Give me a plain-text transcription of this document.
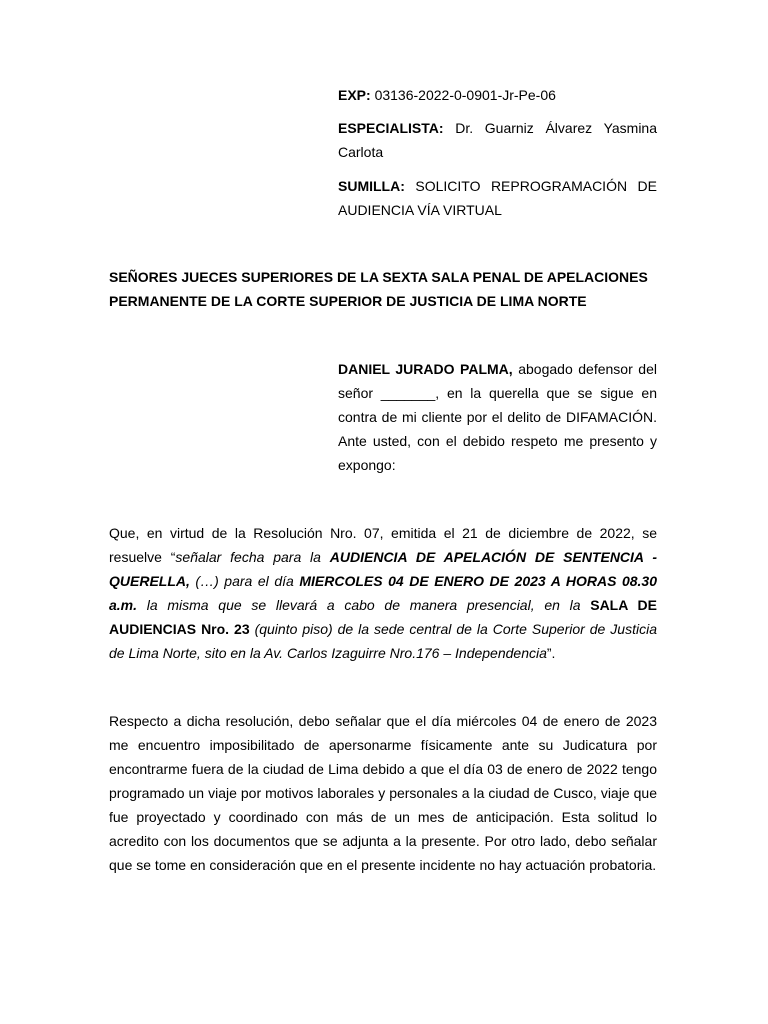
EXP: 03136-2022-0-0901-Jr-Pe-06

ESPECIALISTA: Dr. Guarniz Álvarez Yasmina Carlota

SUMILLA: SOLICITO REPROGRAMACIÓN DE AUDIENCIA VÍA VIRTUAL

SEÑORES JUECES SUPERIORES DE LA SEXTA SALA PENAL DE APELACIONES
PERMANENTE DE LA CORTE SUPERIOR DE JUSTICIA DE LIMA NORTE

DANIEL JURADO PALMA, abogado defensor del señor _______, en la querella que se sigue en contra de mi cliente por el delito de DIFAMACIÓN. Ante usted, con el debido respeto me presento y expongo:

Que, en virtud de la Resolución Nro. 07, emitida el 21 de diciembre de 2022, se resuelve “señalar fecha para la AUDIENCIA DE APELACIÓN DE SENTENCIA -QUERELLA, (…) para el día MIERCOLES 04 DE ENERO DE 2023 A HORAS 08.30 a.m. la misma que se llevará a cabo de manera presencial, en la SALA DE AUDIENCIAS Nro. 23 (quinto piso) de la sede central de la Corte Superior de Justicia de Lima Norte, sito en la Av. Carlos Izaguirre Nro.176 – Independencia”.

Respecto a dicha resolución, debo señalar que el día miércoles 04 de enero de 2023 me encuentro imposibilitado de apersonarme físicamente ante su Judicatura por encontrarme fuera de la ciudad de Lima debido a que el día 03 de enero de 2022 tengo programado un viaje por motivos laborales y personales a la ciudad de Cusco, viaje que fue proyectado y coordinado con más de un mes de anticipación. Esta solitud lo acredito con los documentos que se adjunta a la presente. Por otro lado, debo señalar que se tome en consideración que en el presente incidente no hay actuación probatoria.
